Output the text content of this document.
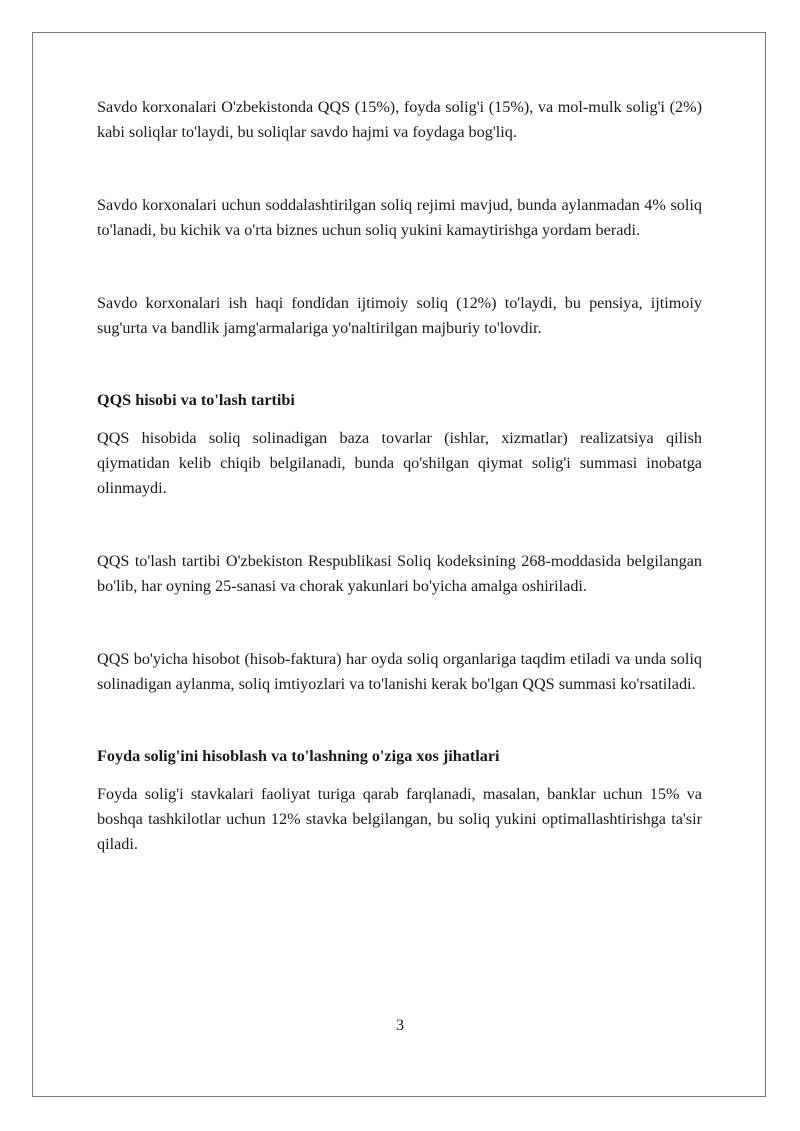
Savdo korxonalari O'zbekistonda QQS (15%), foyda solig'i (15%), va mol-mulk solig'i (2%) kabi soliqlar to'laydi, bu soliqlar savdo hajmi va foydaga bog'liq.

Savdo korxonalari uchun soddalashtirilgan soliq rejimi mavjud, bunda aylanmadan 4% soliq to'lanadi, bu kichik va o'rta biznes uchun soliq yukini kamaytirishga yordam beradi.

Savdo korxonalari ish haqi fondidan ijtimoiy soliq (12%) to'laydi, bu pensiya, ijtimoiy sug'urta va bandlik jamg'armalariga yo'naltirilgan majburiy to'lovdir.

QQS hisobi va to'lash tartibi

QQS hisobida soliq solinadigan baza tovarlar (ishlar, xizmatlar) realizatsiya qilish qiymatidan kelib chiqib belgilanadi, bunda qo'shilgan qiymat solig'i summasi inobatga olinmaydi.

QQS to'lash tartibi O'zbekiston Respublikasi Soliq kodeksining 268-moddasida belgilangan bo'lib, har oyning 25-sanasi va chorak yakunlari bo'yicha amalga oshiriladi.

QQS bo'yicha hisobot (hisob-faktura) har oyda soliq organlariga taqdim etiladi va unda soliq solinadigan aylanma, soliq imtiyozlari va to'lanishi kerak bo'lgan QQS summasi ko'rsatiladi.

Foyda solig'ini hisoblash va to'lashning o'ziga xos jihatlari

Foyda solig'i stavkalari faoliyat turiga qarab farqlanadi, masalan, banklar uchun 15% va boshqa tashkilotlar uchun 12% stavka belgilangan, bu soliq yukini optimallashtirishga ta'sir qiladi.

3
